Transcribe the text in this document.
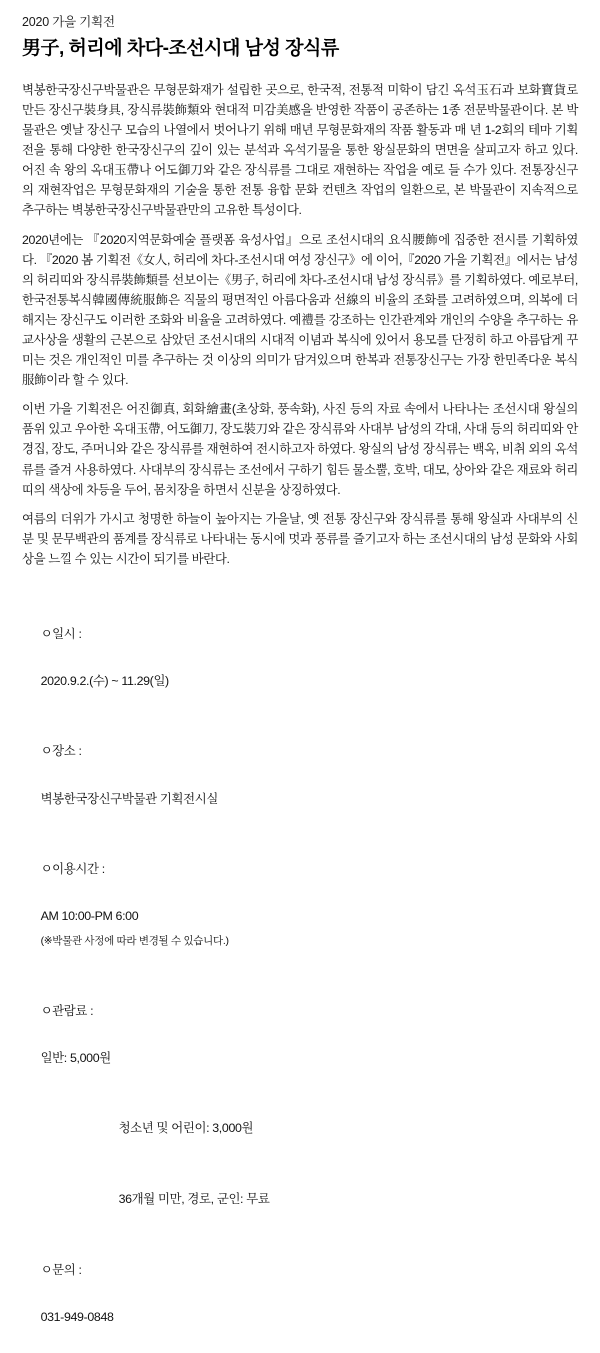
2020 가을 기획전
男子, 허리에 차다-조선시대 남성 장식류

벽봉한국장신구박물관은 무형문화재가 설립한 곳으로, 한국적, 전통적 미학이 담긴 옥석玉石과 보화寶貨로 만든 장신구裝身具, 장식류裝飾類와 현대적 미감美感을 반영한 작품이 공존하는 1종 전문박물관이다. 본 박물관은 옛날 장신구 모습의 나열에서 벗어나기 위해 매년 무형문화재의 작품 활동과 매 년 1-2회의 테마 기획전을 통해 다양한 한국장신구의 깊이 있는 분석과 옥석기물을 통한 왕실문화의 면면을 살피고자 하고 있다. 어진 속 왕의 옥대玉帶나 어도御刀와 같은 장식류를 그대로 재현하는 작업을 예로 들 수가 있다. 전통장신구의 재현작업은 무형문화재의 기술을 통한 전통 융합 문화 컨텐츠 작업의 일환으로, 본 박물관이 지속적으로 추구하는 벽봉한국장신구박물관만의 고유한 특성이다.

2020년에는 『2020지역문화예술 플랫폼 육성사업』으로 조선시대의 요식腰飾에 집중한 전시를 기획하였다. 『2020 봄 기획전《女人, 허리에 차다-조선시대 여성 장신구》에 이어,『2020 가을 기획전』에서는 남성의 허리띠와 장식류裝飾類를 선보이는《男子, 허리에 차다-조선시대 남성 장식류》를 기획하였다. 예로부터, 한국전통복식韓國傳統服飾은 직물의 평면적인 아름다움과 선線의 비율의 조화를 고려하였으며, 의복에 더해지는 장신구도 이러한 조화와 비율을 고려하였다. 예禮를 강조하는 인간관계와 개인의 수양을 추구하는 유교사상을 생활의 근본으로 삼았던 조선시대의 시대적 이념과 복식에 있어서 용모를 단정히 하고 아름답게 꾸미는 것은 개인적인 미를 추구하는 것 이상의 의미가 담겨있으며 한복과 전통장신구는 가장 한민족다운 복식服飾이라 할 수 있다.

이번 가을 기획전은 어진御真, 회화繪畫(초상화, 풍속화), 사진 등의 자료 속에서 나타나는 조선시대 왕실의 품위 있고 우아한 옥대玉帶, 어도御刀, 장도裝刀와 같은 장식류와 사대부 남성의 각대, 사대 등의 허리띠와 안경집, 장도, 주머니와 같은 장식류를 재현하여 전시하고자 하였다. 왕실의 남성 장식류는 백옥, 비취 외의 옥석류를 즐겨 사용하였다. 사대부의 장식류는 조선에서 구하기 힘든 물소뿔, 호박, 대모, 상아와 같은 재료와 허리띠의 색상에 차등을 두어, 몸치장을 하면서 신분을 상징하였다.

여름의 더위가 가시고 청명한 하늘이 높아지는 가을날, 옛 전통 장신구와 장식류를 통해 왕실과 사대부의 신분 및 문무백관의 품계를 장식류로 나타내는 동시에 멋과 풍류를 즐기고자 하는 조선시대의 남성 문화와 사회상을 느낄 수 있는 시간이 되기를 바란다.

ㅇ일시 :

2020.9.2.(수) ~ 11.29(일)

ㅇ장소 :

벽봉한국장신구박물관 기획전시실

ㅇ이용시간 :

AM 10:00-PM 6:00
(※박물관 사정에 따라 변경될 수 있습니다.)

ㅇ관람료 :

일반: 5,000원

청소년 및 어린이: 3,000원

36개월 미만, 경로, 군인: 무료

ㅇ문의 :

031-949-0848
